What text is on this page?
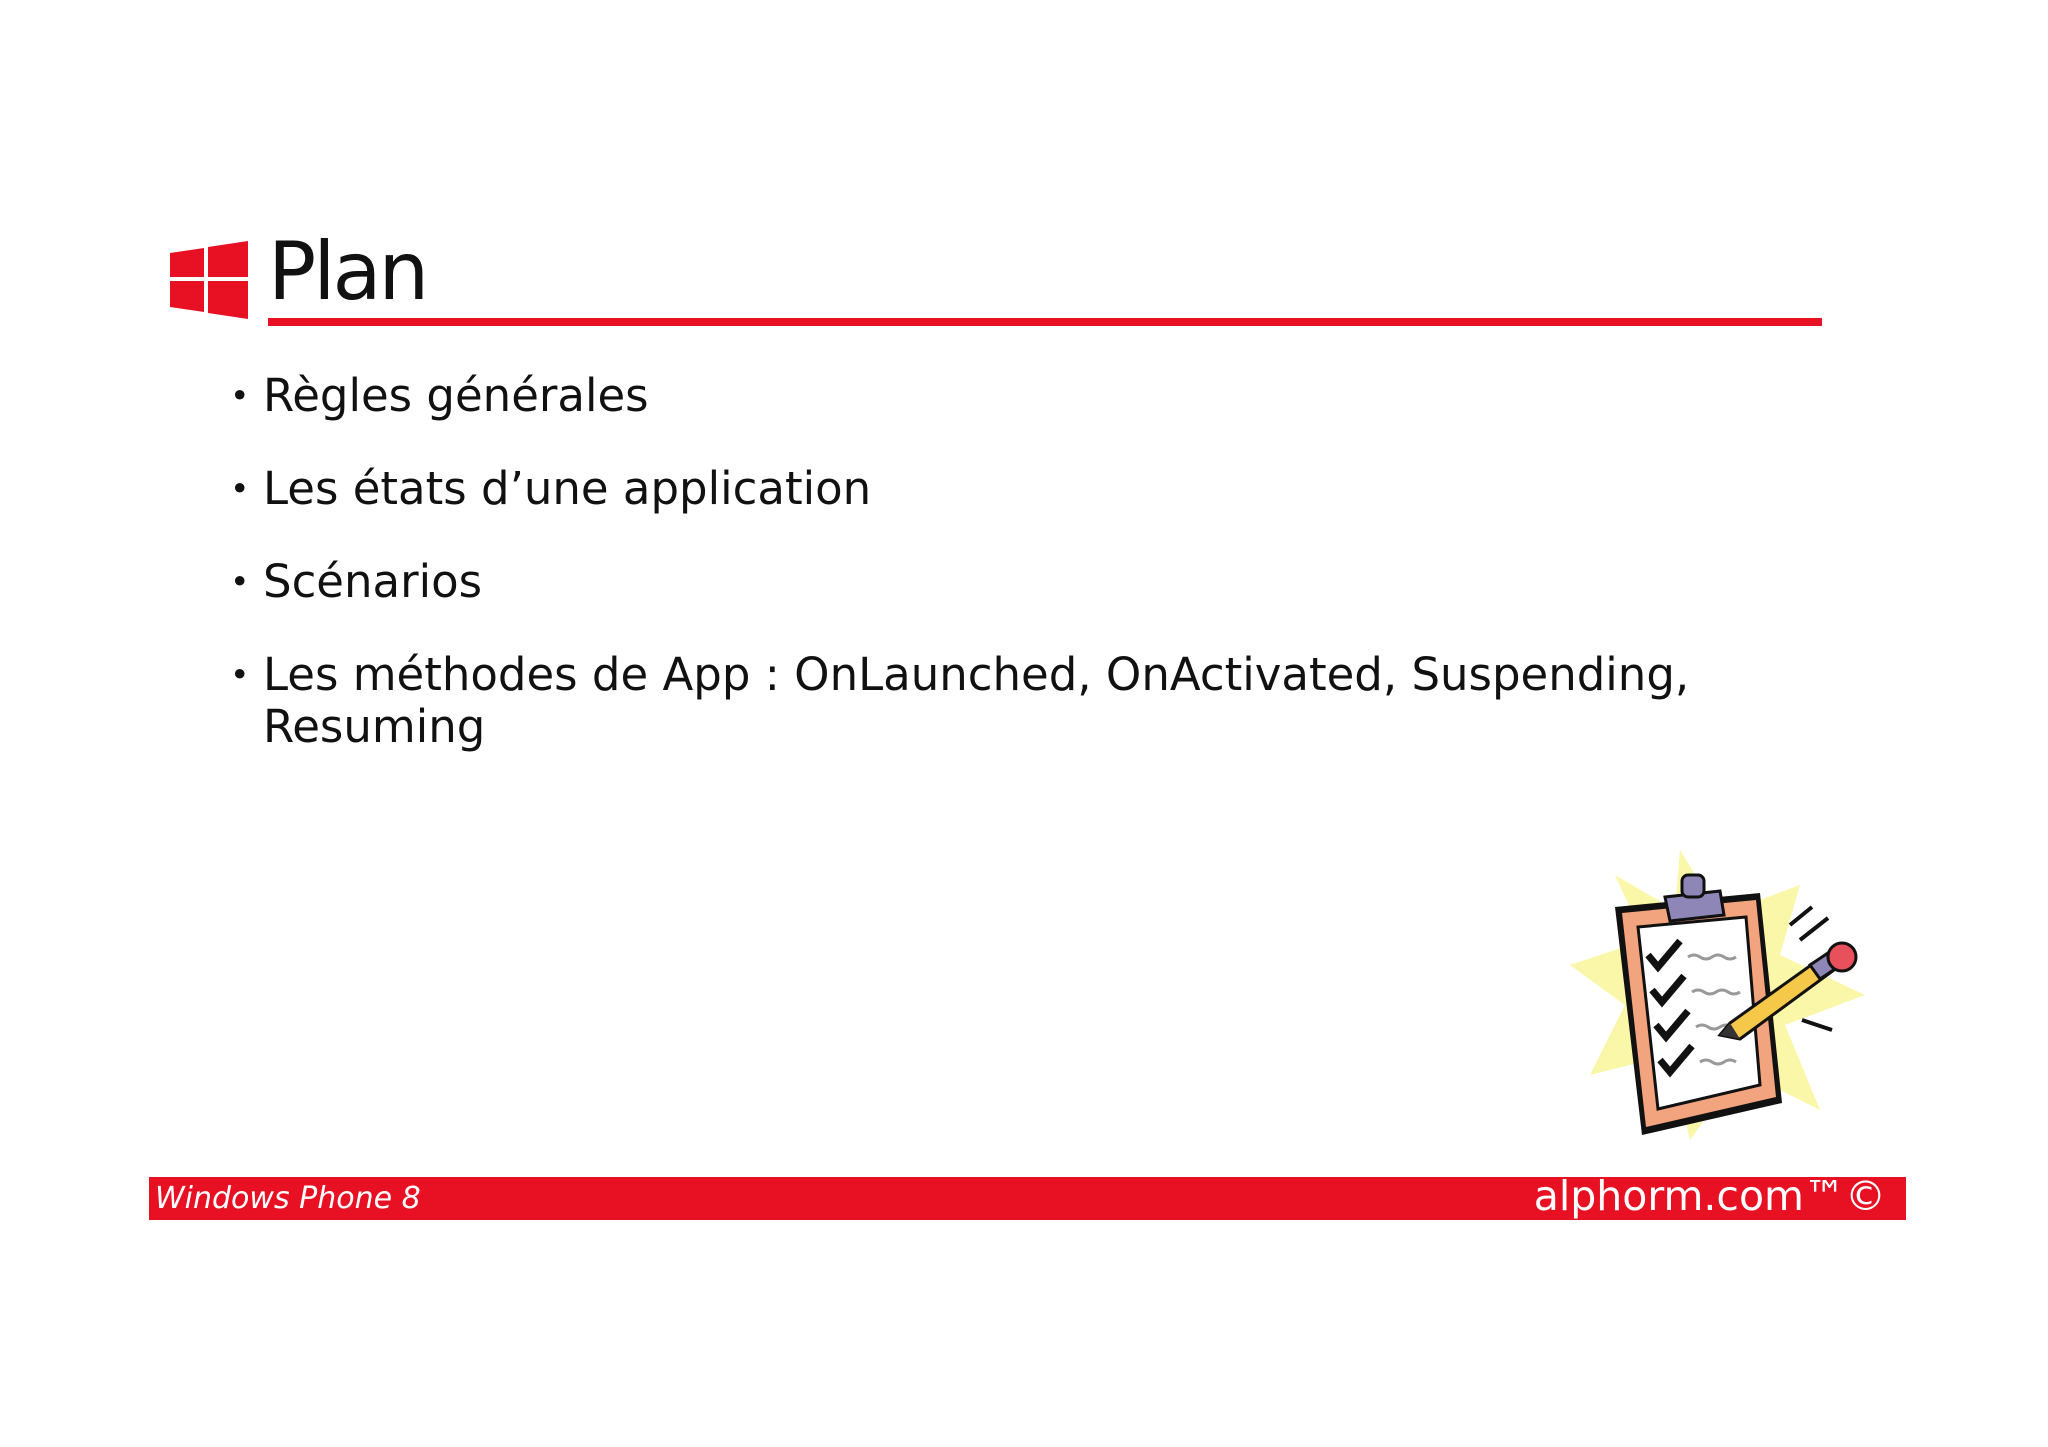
Plan
• Règles générales
• Les états d’une application
• Scénarios
• Les méthodes de App : OnLaunched, OnActivated, Suspending, Resuming
Windows Phone 8	alphorm.com™©
